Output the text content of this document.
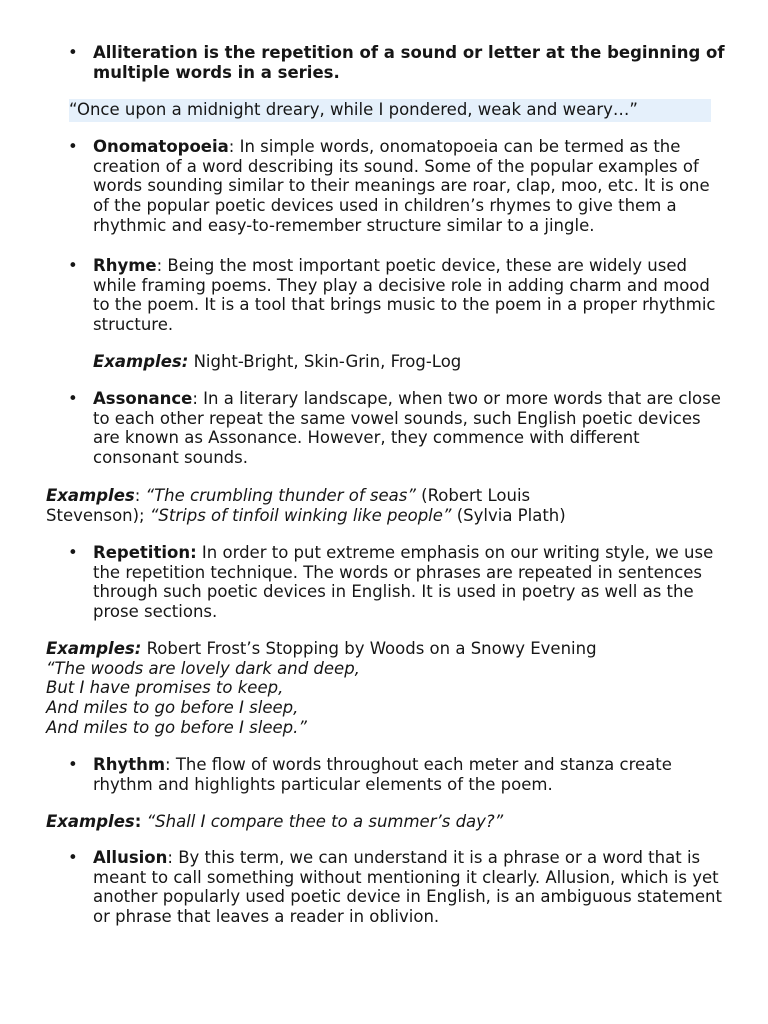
• Alliteration is the repetition of a sound or letter at the beginning of multiple words in a series.
“Once upon a midnight dreary, while I pondered, weak and weary…”
• Onomatopoeia: In simple words, onomatopoeia can be termed as the creation of a word describing its sound. Some of the popular examples of words sounding similar to their meanings are roar, clap, moo, etc. It is one of the popular poetic devices used in children’s rhymes to give them a rhythmic and easy-to-remember structure similar to a jingle.
• Rhyme: Being the most important poetic device, these are widely used while framing poems. They play a decisive role in adding charm and mood to the poem. It is a tool that brings music to the poem in a proper rhythmic structure.
Examples: Night-Bright, Skin-Grin, Frog-Log
• Assonance: In a literary landscape, when two or more words that are close to each other repeat the same vowel sounds, such English poetic devices are known as Assonance. However, they commence with different consonant sounds.
Examples: “The crumbling thunder of seas” (Robert Louis Stevenson); “Strips of tinfoil winking like people” (Sylvia Plath)
• Repetition: In order to put extreme emphasis on our writing style, we use the repetition technique. The words or phrases are repeated in sentences through such poetic devices in English. It is used in poetry as well as the prose sections.

Examples: Robert Frost’s Stopping by Woods on a Snowy Evening

“The woods are lovely dark and deep,

But I have promises to keep,

And miles to go before I sleep,

And miles to go before I sleep.”

• Rhythm: The flow of words throughout each meter and stanza create rhythm and highlights particular elements of the poem.
Examples: “Shall I compare thee to a summer’s day?”
• Allusion: By this term, we can understand it is a phrase or a word that is meant to call something without mentioning it clearly. Allusion, which is yet another popularly used poetic device in English, is an ambiguous statement or phrase that leaves a reader in oblivion.
